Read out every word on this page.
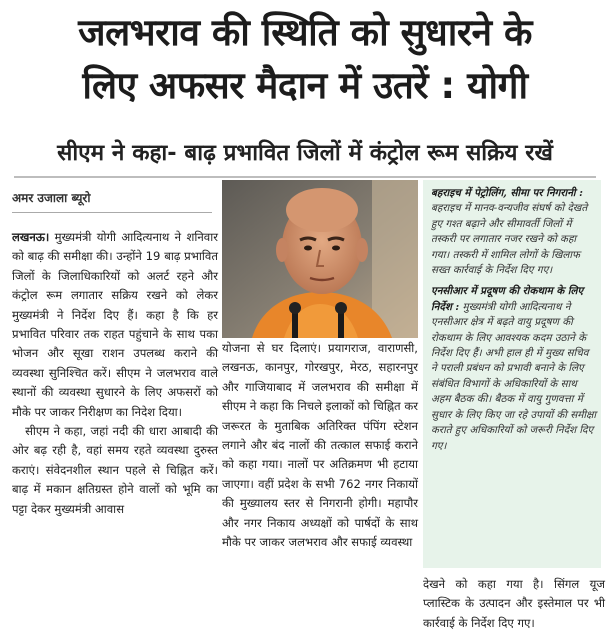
जलभराव की स्थिति को सुधारने के
लिए अफसर मैदान में उतरें : योगी
सीएम ने कहा- बाढ़ प्रभावित जिलों में कंट्रोल रूम सक्रिय रखें
अमर उजाला ब्यूरो

लखनऊ। मुख्यमंत्री योगी आदित्यनाथ ने शनिवार को बाढ़ की समीक्षा की। उन्होंने 19 बाढ़ प्रभावित जिलों के जिलाधिकारियों को अलर्ट रहने और कंट्रोल रूम लगातार सक्रिय रखने को लेकर मुख्यमंत्री ने निर्देश दिए हैं। कहा है कि हर प्रभावित परिवार तक राहत पहुंचाने के साथ पका भोजन और सूखा राशन उपलब्ध कराने की व्यवस्था सुनिश्चित करें। सीएम ने जलभराव वाले स्थानों की व्यवस्था सुधारने के लिए अफसरों को मौके पर जाकर निरीक्षण का निदेश दिया।

सीएम ने कहा, जहां नदी की धारा आबादी की ओर बढ़ रही है, वहां समय रहते व्यवस्था दुरुस्त कराएं। संवेदनशील स्थान पहले से चिह्नित करें। बाढ़ में मकान क्षतिग्रस्त होने वालों को भूमि का पट्टा देकर मुख्यमंत्री आवास

योजना से घर दिलाएं। प्रयागराज, वाराणसी, लखनऊ, कानपुर, गोरखपुर, मेरठ, सहारनपुर और गाजियाबाद में जलभराव की समीक्षा में सीएम ने कहा कि निचले इलाकों को चिह्नित कर जरूरत के मुताबिक अतिरिक्त पंपिंग स्टेशन लगाने और बंद नालों की तत्काल सफाई कराने को कहा गया। नालों पर अतिक्रमण भी हटाया जाएगा। वहीं प्रदेश के सभी 762 नगर निकायों की मुख्यालय स्तर से निगरानी होगी। महापौर और नगर निकाय अध्यक्षों को पार्षदों के साथ मौके पर जाकर जलभराव और सफाई व्यवस्था

बहराइच में पेट्रोलिंग, सीमा पर निगरानी : बहराइच में मानव-वन्यजीव संघर्ष को देखते हुए गश्त बढ़ाने और सीमावर्ती जिलों में तस्करी पर लगातार नजर रखने को कहा गया। तस्करी में शामिल लोगों के खिलाफ सख्त कार्रवाई के निर्देश दिए गए।

एनसीआर में प्रदूषण की रोकथाम के लिए निर्देश : मुख्यमंत्री योगी आदित्यनाथ ने एनसीआर क्षेत्र में बढ़ते वायु प्रदूषण की रोकथाम के लिए आवश्यक कदम उठाने के निर्देश दिए हैं। अभी हाल ही में मुख्य सचिव ने पराली प्रबंधन को प्रभावी बनाने के लिए संबंधित विभागों के अधिकारियों के साथ अहम बैठक की। बैठक में वायु गुणवत्ता में सुधार के लिए किए जा रहे उपायों की समीक्षा कराते हुए अधिकारियों को जरूरी निर्देश दिए गए।

देखने को कहा गया है। सिंगल यूज प्लास्टिक के उत्पादन और इस्तेमाल पर भी कार्रवाई के निर्देश दिए गए।
